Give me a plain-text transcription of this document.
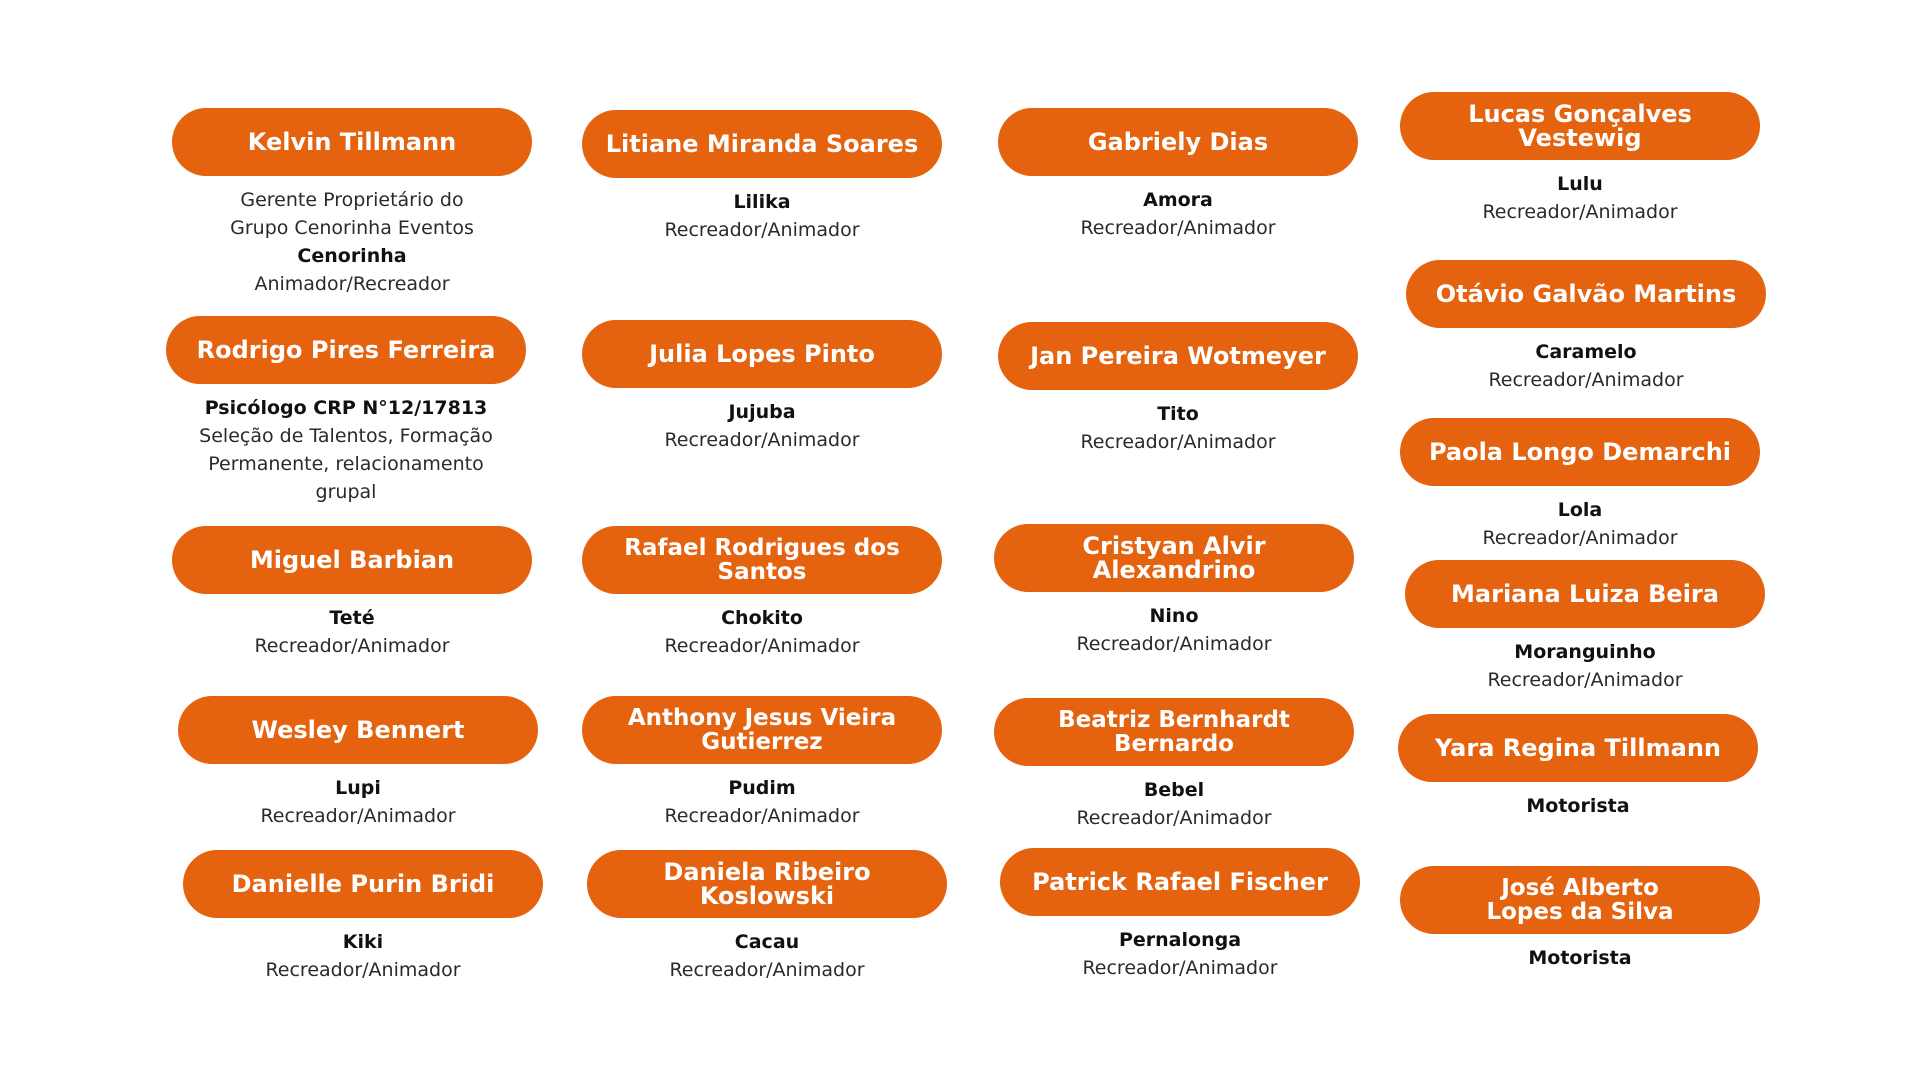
Kelvin Tillmann
Gerente Proprietário do
Grupo Cenorinha Eventos
Cenorinha
Animador/Recreador
Rodrigo Pires Ferreira
Psicólogo CRP N°12/17813
Seleção de Talentos, Formação
Permanente, relacionamento
grupal
Miguel Barbian
Teté
Recreador/Animador
Wesley Bennert
Lupi
Recreador/Animador
Danielle Purin Bridi
Kiki
Recreador/Animador
Litiane Miranda Soares
Lilika
Recreador/Animador
Julia Lopes Pinto
Jujuba
Recreador/Animador
Rafael Rodrigues dos
Santos
Chokito
Recreador/Animador
Anthony Jesus Vieira
Gutierrez
Pudim
Recreador/Animador
Daniela Ribeiro Koslowski
Cacau
Recreador/Animador
Gabriely Dias
Amora
Recreador/Animador
Jan Pereira Wotmeyer
Tito
Recreador/Animador
Cristyan Alvir Alexandrino
Nino
Recreador/Animador
Beatriz Bernhardt
Bernardo
Bebel
Recreador/Animador
Patrick Rafael Fischer
Pernalonga
Recreador/Animador
Lucas Gonçalves Vestewig
Lulu
Recreador/Animador
Otávio Galvão Martins
Caramelo
Recreador/Animador
Paola Longo Demarchi
Lola
Recreador/Animador
Mariana Luiza Beira
Moranguinho
Recreador/Animador
Yara Regina Tillmann
Motorista
José Alberto
Lopes da Silva
Motorista
